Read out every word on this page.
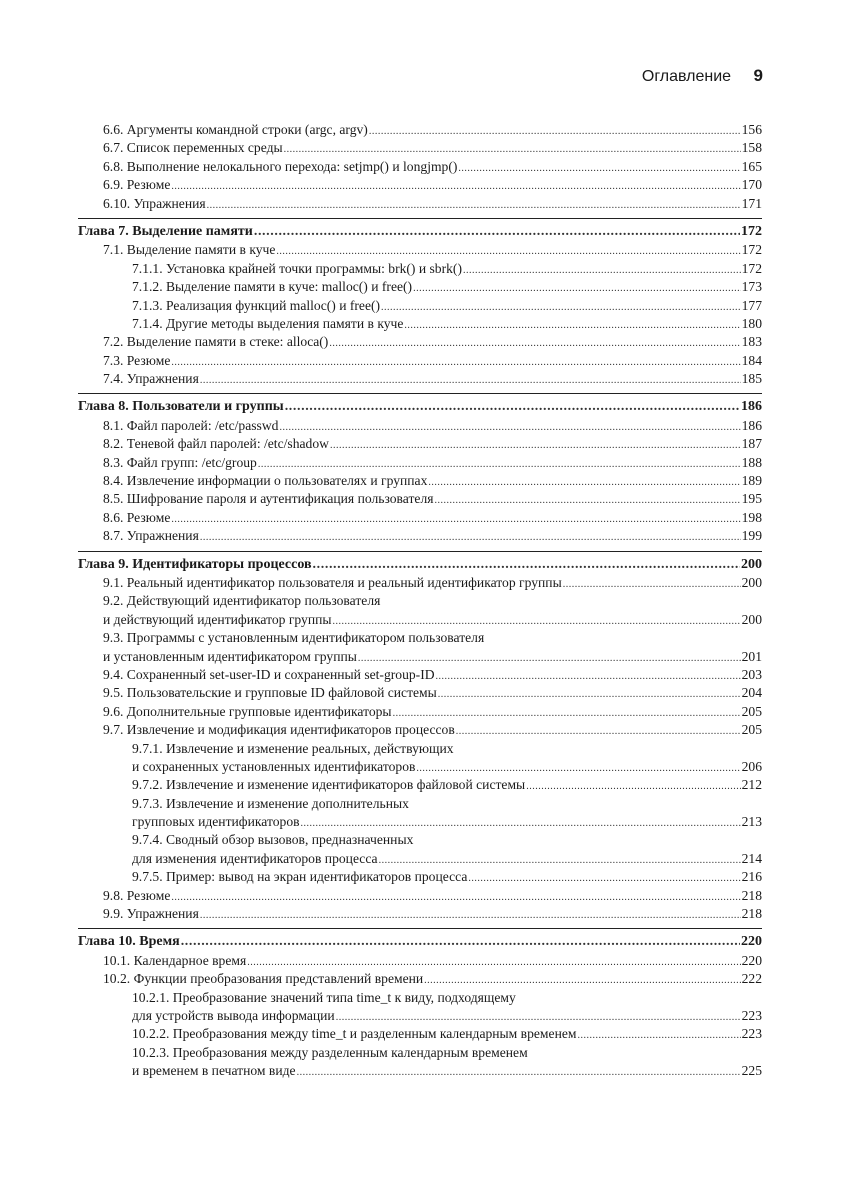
Оглавление 9
6.6. Аргументы командной строки (argc, argv) .....	156
6.7. Список переменных среды .....	158
6.8. Выполнение нелокального перехода: setjmp() и longjmp() .....	165
6.9. Резюме .....	170
6.10. Упражнения .....	171
Глава 7. Выделение памяти .....	172
7.1. Выделение памяти в куче .....	172
7.1.1. Установка крайней точки программы: brk() и sbrk() .....	172
7.1.2. Выделение памяти в куче: malloc() и free() .....	173
7.1.3. Реализация функций malloc() и free() .....	177
7.1.4. Другие методы выделения памяти в куче .....	180
7.2. Выделение памяти в стеке: alloca() .....	183
7.3. Резюме .....	184
7.4. Упражнения .....	185
Глава 8. Пользователи и группы .....	186
8.1. Файл паролей: /etc/passwd .....	186
8.2. Теневой файл паролей: /etc/shadow .....	187
8.3. Файл групп: /etc/group .....	188
8.4. Извлечение информации о пользователях и группах .....	189
8.5. Шифрование пароля и аутентификация пользователя .....	195
8.6. Резюме .....	198
8.7. Упражнения .....	199
Глава 9. Идентификаторы процессов .....	200
9.1. Реальный идентификатор пользователя и реальный идентификатор группы .....	200
9.2. Действующий идентификатор пользователя
и действующий идентификатор группы .....	200
9.3. Программы с установленным идентификатором пользователя
и установленным идентификатором группы .....	201
9.4. Сохраненный set-user-ID и сохраненный set-group-ID .....	203
9.5. Пользовательские и групповые ID файловой системы .....	204
9.6. Дополнительные групповые идентификаторы .....	205
9.7. Извлечение и модификация идентификаторов процессов .....	205
9.7.1. Извлечение и изменение реальных, действующих
и сохраненных установленных идентификаторов .....	206
9.7.2. Извлечение и изменение идентификаторов файловой системы .....	212
9.7.3. Извлечение и изменение дополнительных
групповых идентификаторов .....	213
9.7.4. Сводный обзор вызовов, предназначенных
для изменения идентификаторов процесса .....	214
9.7.5. Пример: вывод на экран идентификаторов процесса .....	216
9.8. Резюме .....	218
9.9. Упражнения .....	218
Глава 10. Время .....	220
10.1. Календарное время .....	220
10.2. Функции преобразования представлений времени .....	222
10.2.1. Преобразование значений типа time_t к виду, подходящему
для устройств вывода информации .....	223
10.2.2. Преобразования между time_t и разделенным календарным временем .....	223
10.2.3. Преобразования между разделенным календарным временем
и временем в печатном виде .....	225
